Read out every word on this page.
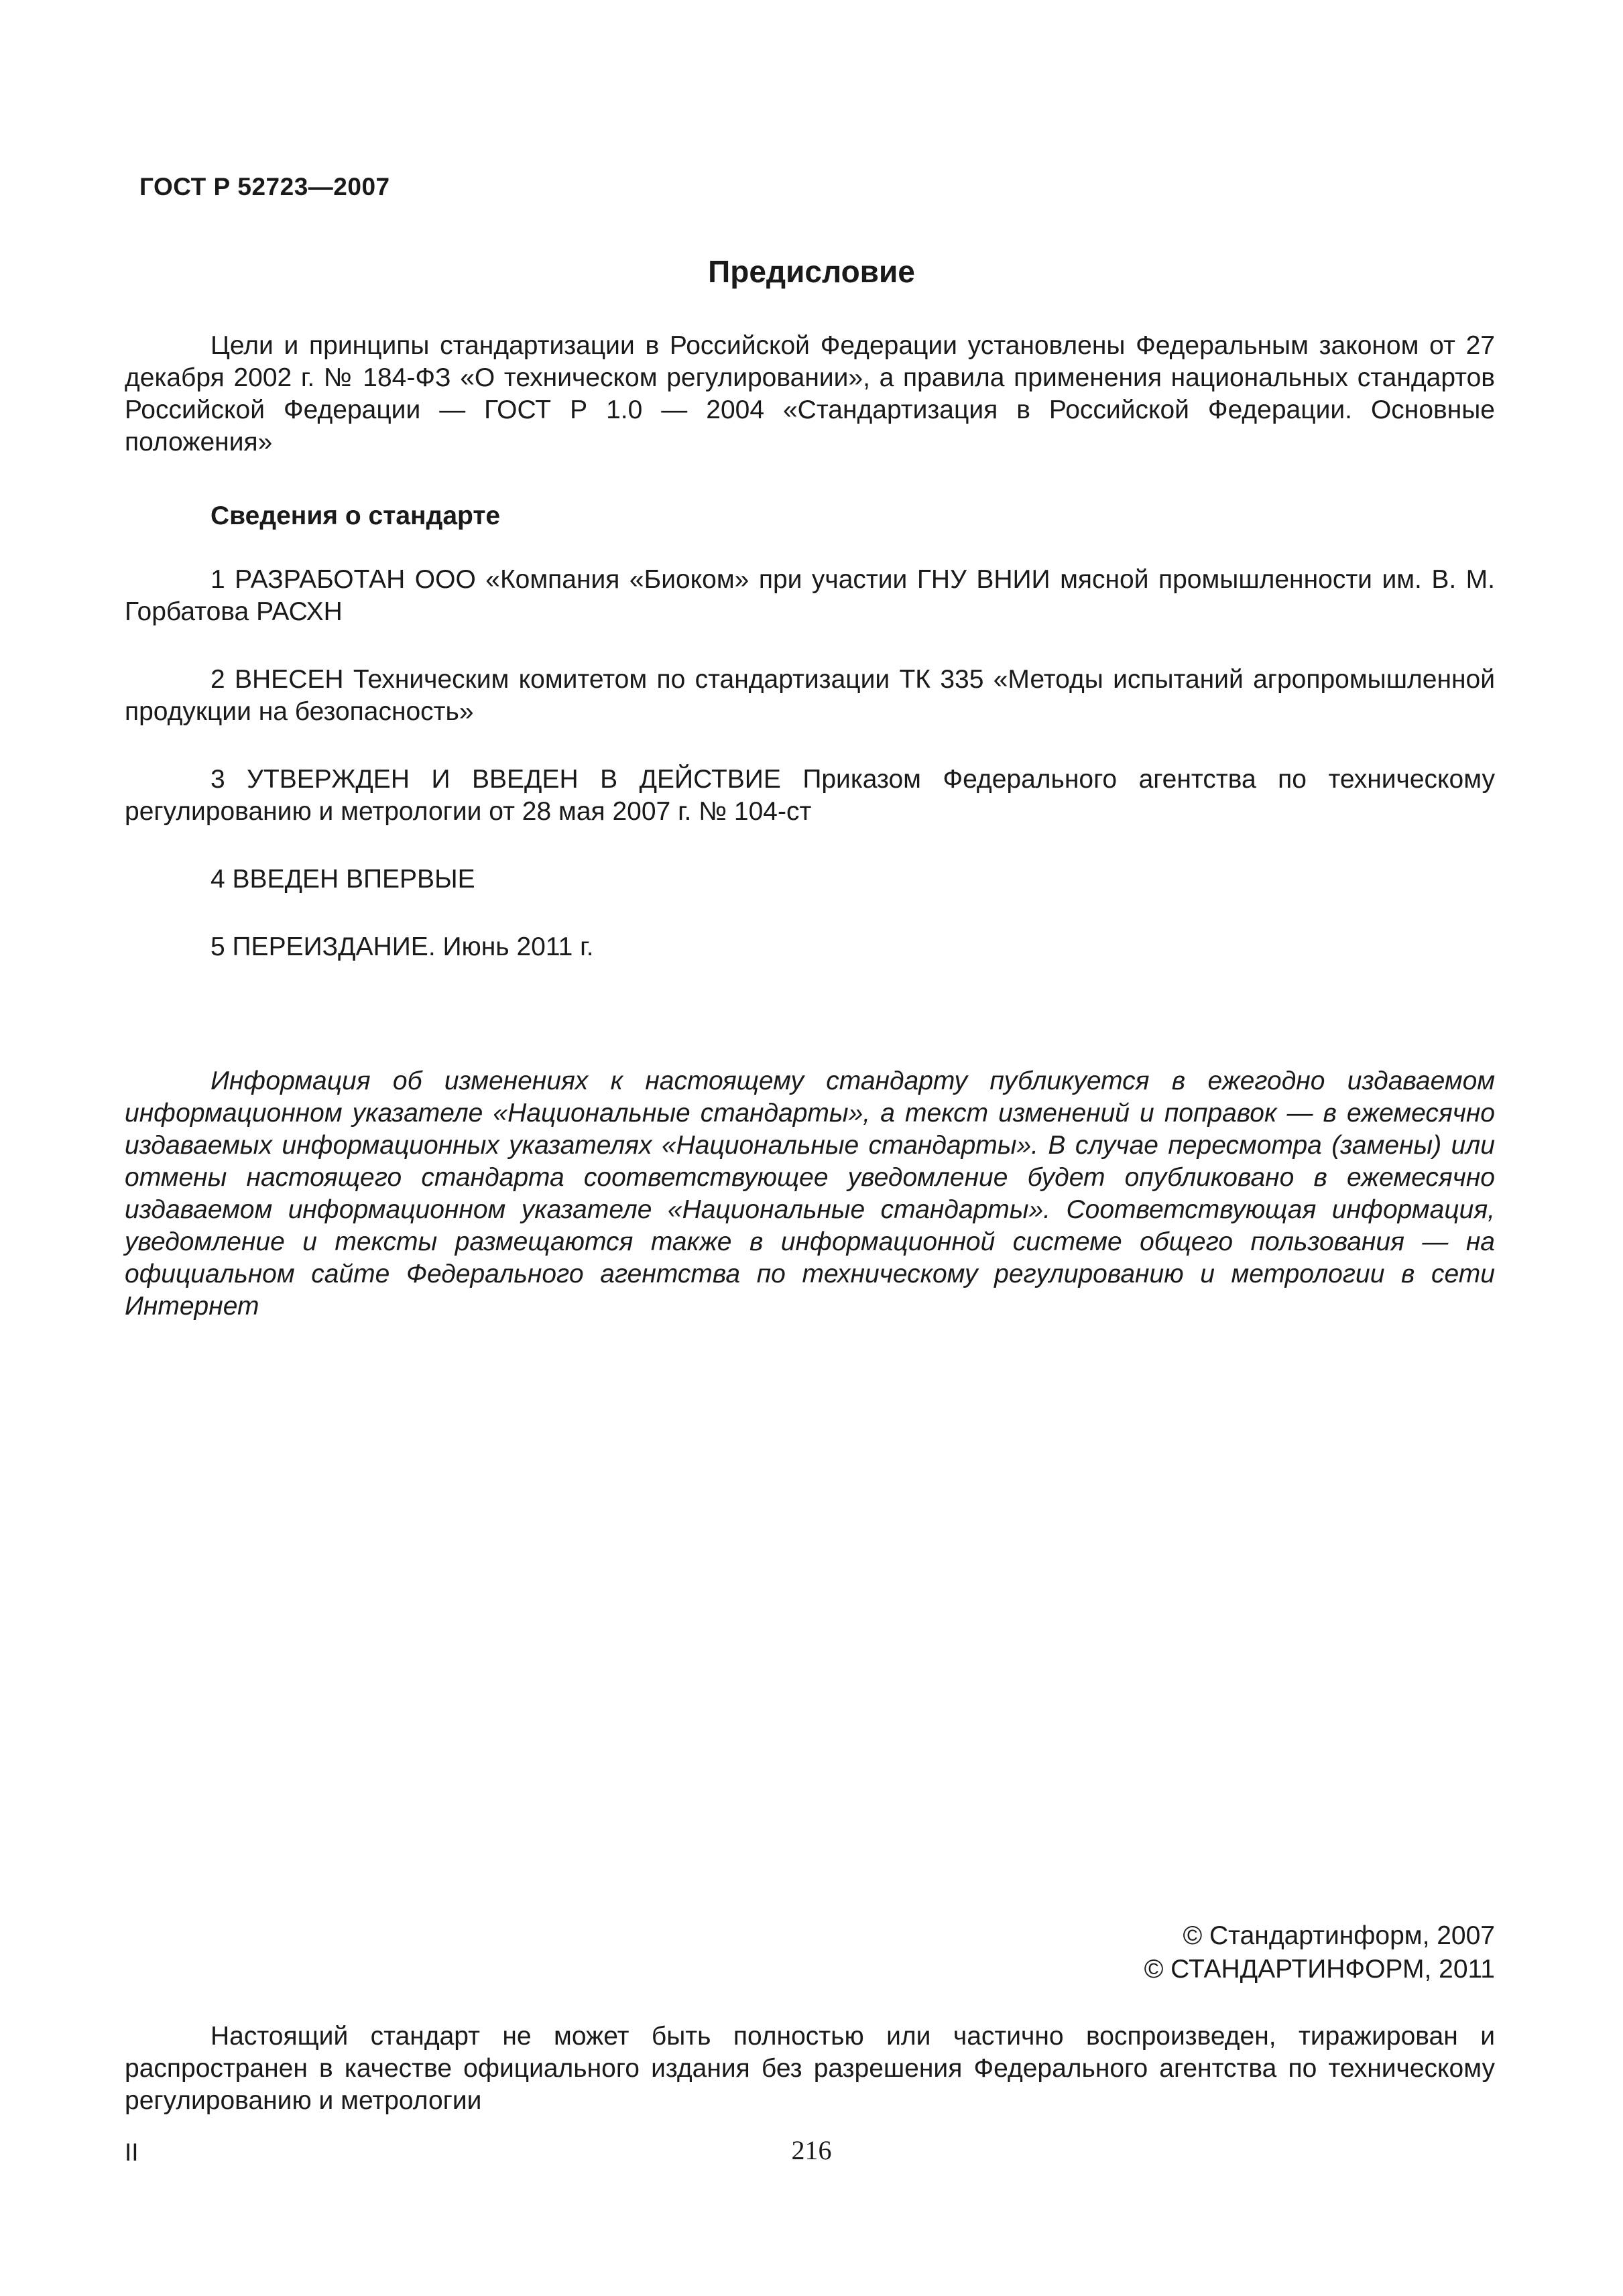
ГОСТ Р 52723—2007
Предисловие

Цели и принципы стандартизации в Российской Федерации установлены Федеральным законом от 27 декабря 2002 г. № 184-ФЗ «О техническом регулировании», а правила применения национальных стандартов Российской Федерации — ГОСТ Р 1.0 — 2004 «Стандартизация в Российской Федерации. Основные положения»

Сведения о стандарте

1 РАЗРАБОТАН ООО «Компания «Биоком» при участии ГНУ ВНИИ мясной промышленности им. В. М. Горбатова РАСХН

2 ВНЕСЕН Техническим комитетом по стандартизации ТК 335 «Методы испытаний агропромышленной продукции на безопасность»

3 УТВЕРЖДЕН И ВВЕДЕН В ДЕЙСТВИЕ Приказом Федерального агентства по техническому регулированию и метрологии от 28 мая 2007 г. № 104-ст

4 ВВЕДЕН ВПЕРВЫЕ

5 ПЕРЕИЗДАНИЕ. Июнь 2011 г.

Информация об изменениях к настоящему стандарту публикуется в ежегодно издаваемом информационном указателе «Национальные стандарты», а текст изменений и поправок — в ежемесячно издаваемых информационных указателях «Национальные стандарты». В случае пересмотра (замены) или отмены настоящего стандарта соответствующее уведомление будет опубликовано в ежемесячно издаваемом информационном указателе «Национальные стандарты». Соответствующая информация, уведомление и тексты размещаются также в информационной системе общего пользования — на официальном сайте Федерального агентства по техническому регулированию и метрологии в сети Интернет

© Стандартинформ, 2007
© СТАНДАРТИНФОРМ, 2011

Настоящий стандарт не может быть полностью или частично воспроизведен, тиражирован и распространен в качестве официального издания без разрешения Федерального агентства по техническому регулированию и метрологии

II	216
